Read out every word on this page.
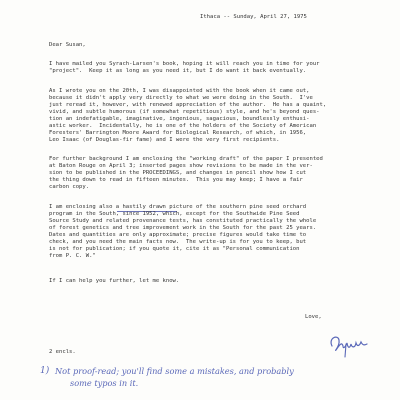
Ithaca -- Sunday, April 27, 1975
Dear Susan,
I have mailed you Syrach-Larsen's book, hoping it will reach you in time for your
"project".  Keep it as long as you need it, but I do want it back eventually.
As I wrote you on the 20th, I was disappointed with the book when it came out,
because it didn't apply very directly to what we were doing in the South.  I've
just reread it, however, with renewed appreciation of the author.  He has a quaint,
vivid, and subtle humorous (if somewhat repetitious) style, and he's beyond ques-
tion an indefatigable, imaginative, ingenious, sagacious, boundlessly enthusi-
astic worker.  Incidentally, he is one of the holders of the Society of American
Foresters' Barrington Moore Award for Biological Research, of which, in 1956,
Leo Isaac (of Douglas-fir fame) and I were the very first recipients.
For further background I am enclosing the "working draft" of the paper I presented
at Baton Rouge on April 3; inserted pages show revisions to be made in the ver-
sion to be published in the PROCEEDINGS, and changes in pencil show how I cut
the thing down to read in fifteen minutes.  This you may keep; I have a fair
carbon copy.
I am enclosing also a hastily drawn picture of the southern pine seed orchard
program in the South, since 1952, which, except for the Southwide Pine Seed
Source Study and related provenance tests, has constituted practically the whole
of forest genetics and tree improvement work in the South for the past 25 years.
Dates and quantities are only approximate; precise figures would take time to
check, and you need the main facts now.  The write-up is for you to keep, but
is not for publication; if you quote it, cite it as "Personal communication
from P. C. W."
If I can help you further, let me know.
Love,
2 encls.
1) Not proof-read; you'll find some a mistakes, and probably
some typos in it.
